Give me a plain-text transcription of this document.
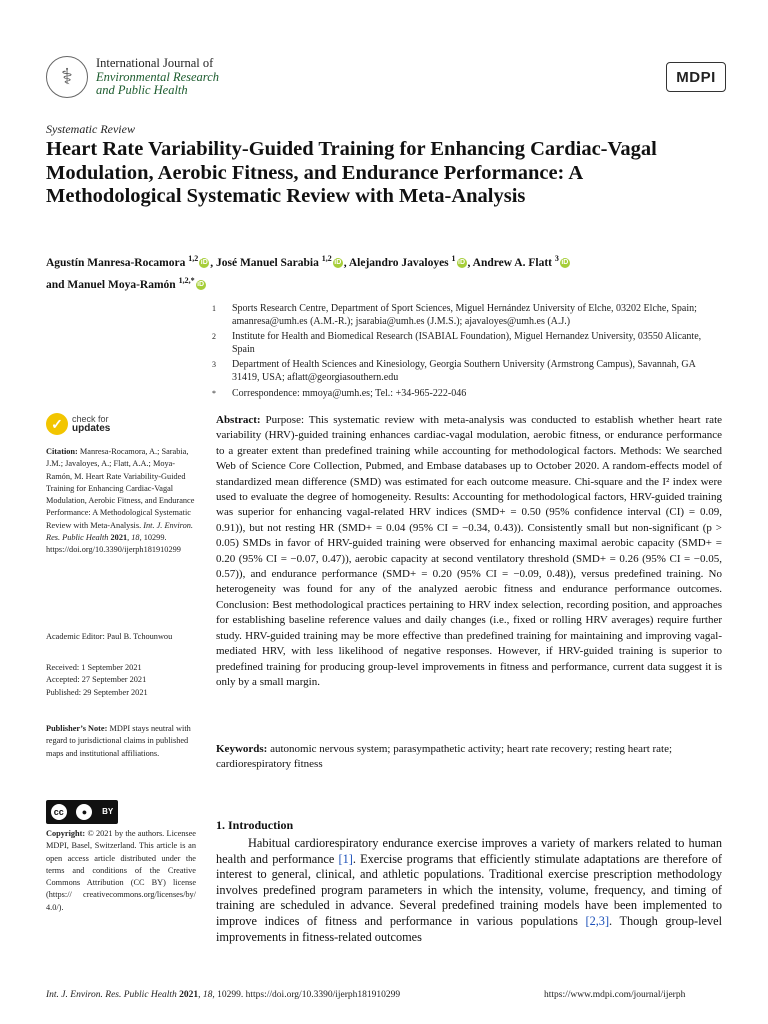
⚕
International Journal of
Environmental Research
and Public Health
MDPI
Systematic Review
Heart Rate Variability-Guided Training for Enhancing Cardiac-Vagal Modulation, Aerobic Fitness, and Endurance Performance: A Methodological Systematic Review with Meta-Analysis
Agustín Manresa-Rocamora $^{1,2}$ iD , José Manuel Sarabia $^{1,2}$ iD , Alejandro Javaloyes $^1$ iD , Andrew A. Flatt $^3$ iD
and Manuel Moya-Ramón $^{1,2,*}$ iD
1	Sports Research Centre, Department of Sport Sciences, Miguel Hernández University of Elche, 03202 Elche, Spain; amanresa@umh.es (A.M.-R.); jsarabia@umh.es (J.M.S.); ajavaloyes@umh.es (A.J.)
2	Institute for Health and Biomedical Research (ISABIAL Foundation), Miguel Hernandez University, 03550 Alicante, Spain
3	Department of Health Sciences and Kinesiology, Georgia Southern University (Armstrong Campus), Savannah, GA 31419, USA; aflatt@georgiasouthern.edu
*	Correspondence: mmoya@umh.es; Tel.: +34-965-222-046
✓	check for
updates
Citation: Manresa-Rocamora, A.; Sarabia, J.M.; Javaloyes, A.; Flatt, A.A.; Moya-Ramón, M. Heart Rate Variability-Guided Training for Enhancing Cardiac-Vagal Modulation, Aerobic Fitness, and Endurance Performance: A Methodological Systematic Review with Meta-Analysis. Int. J. Environ. Res. Public Health 2021, 18, 10299. https://doi.org/10.3390/ijerph181910299
Academic Editor: Paul B. Tchounwou
Received: 1 September 2021
Accepted: 27 September 2021
Published: 29 September 2021
Publisher’s Note: MDPI stays neutral with regard to jurisdictional claims in published maps and institutional affiliations.
cc	●	BY
Copyright: © 2021 by the authors. Licensee MDPI, Basel, Switzerland. This article is an open access article distributed under the terms and conditions of the Creative Commons Attribution (CC BY) license (https:// creativecommons.org/licenses/by/ 4.0/).
Abstract: Purpose: This systematic review with meta-analysis was conducted to establish whether heart rate variability (HRV)-guided training enhances cardiac-vagal modulation, aerobic fitness, or endurance performance to a greater extent than predefined training while accounting for methodological factors. Methods: We searched Web of Science Core Collection, Pubmed, and Embase databases up to October 2020. A random-effects model of standardized mean difference (SMD) was estimated for each outcome measure. Chi-square and the I² index were used to evaluate the degree of homogeneity. Results: Accounting for methodological factors, HRV-guided training was superior for enhancing vagal-related HRV indices (SMD+ = 0.50 (95% confidence interval (CI) = 0.09, 0.91)), but not resting HR (SMD+ = 0.04 (95% CI = −0.34, 0.43)). Consistently small but non-significant (p > 0.05) SMDs in favor of HRV-guided training were observed for enhancing maximal aerobic capacity (SMD+ = 0.20 (95% CI = −0.07, 0.47)), aerobic capacity at second ventilatory threshold (SMD+ = 0.26 (95% CI = −0.05, 0.57)), and endurance performance (SMD+ = 0.20 (95% CI = −0.09, 0.48)), versus predefined training. No heterogeneity was found for any of the analyzed aerobic fitness and endurance performance outcomes. Conclusion: Best methodological practices pertaining to HRV index selection, recording position, and approaches for establishing baseline reference values and daily changes (i.e., fixed or rolling HRV averages) require further study. HRV-guided training may be more effective than predefined training for maintaining and improving vagal-mediated HRV, with less likelihood of negative responses. However, if HRV-guided training is superior to predefined training for producing group-level improvements in fitness and performance, current data suggest it is only by a small margin.
Keywords: autonomic nervous system; parasympathetic activity; heart rate recovery; resting heart rate; cardiorespiratory fitness
1. Introduction
Habitual cardiorespiratory endurance exercise improves a variety of markers related to human health and performance [1]. Exercise programs that efficiently stimulate adaptations are therefore of interest to general, clinical, and athletic populations. Traditional exercise prescription methodology involves predefined program parameters in which the intensity, volume, frequency, and timing of training are scheduled in advance. Several predefined training models have been implemented to improve indices of fitness and performance in various populations [2,3]. Though group-level improvements in fitness-related outcomes
Int. J. Environ. Res. Public Health 2021, 18, 10299. https://doi.org/10.3390/ijerph181910299	https://www.mdpi.com/journal/ijerph
